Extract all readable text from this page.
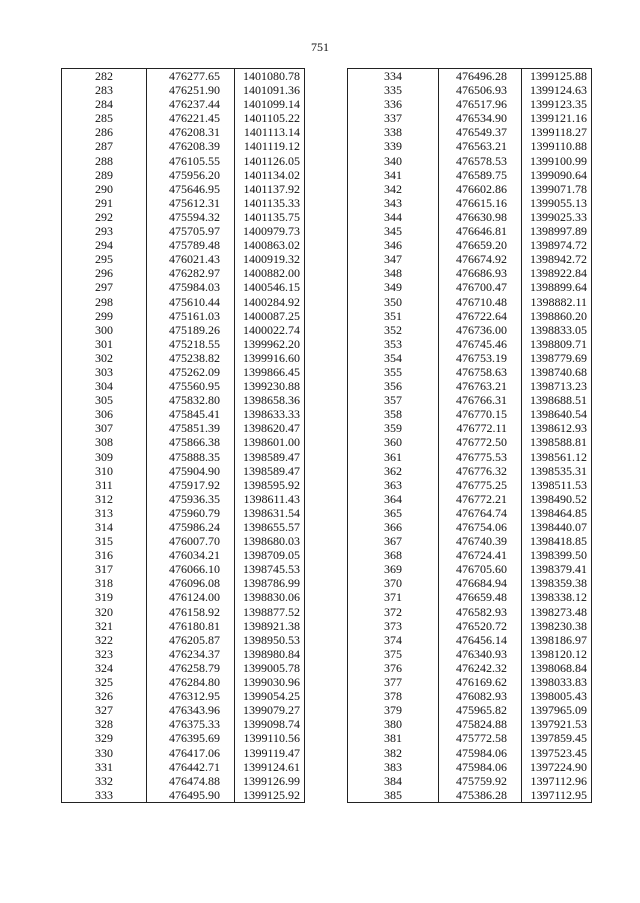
751
282	476277.65	1401080.78
283	476251.90	1401091.36
284	476237.44	1401099.14
285	476221.45	1401105.22
286	476208.31	1401113.14
287	476208.39	1401119.12
288	476105.55	1401126.05
289	475956.20	1401134.02
290	475646.95	1401137.92
291	475612.31	1401135.33
292	475594.32	1401135.75
293	475705.97	1400979.73
294	475789.48	1400863.02
295	476021.43	1400919.32
296	476282.97	1400882.00
297	475984.03	1400546.15
298	475610.44	1400284.92
299	475161.03	1400087.25
300	475189.26	1400022.74
301	475218.55	1399962.20
302	475238.82	1399916.60
303	475262.09	1399866.45
304	475560.95	1399230.88
305	475832.80	1398658.36
306	475845.41	1398633.33
307	475851.39	1398620.47
308	475866.38	1398601.00
309	475888.35	1398589.47
310	475904.90	1398589.47
311	475917.92	1398595.92
312	475936.35	1398611.43
313	475960.79	1398631.54
314	475986.24	1398655.57
315	476007.70	1398680.03
316	476034.21	1398709.05
317	476066.10	1398745.53
318	476096.08	1398786.99
319	476124.00	1398830.06
320	476158.92	1398877.52
321	476180.81	1398921.38
322	476205.87	1398950.53
323	476234.37	1398980.84
324	476258.79	1399005.78
325	476284.80	1399030.96
326	476312.95	1399054.25
327	476343.96	1399079.27
328	476375.33	1399098.74
329	476395.69	1399110.56
330	476417.06	1399119.47
331	476442.71	1399124.61
332	476474.88	1399126.99
333	476495.90	1399125.92
334	476496.28	1399125.88
335	476506.93	1399124.63
336	476517.96	1399123.35
337	476534.90	1399121.16
338	476549.37	1399118.27
339	476563.21	1399110.88
340	476578.53	1399100.99
341	476589.75	1399090.64
342	476602.86	1399071.78
343	476615.16	1399055.13
344	476630.98	1399025.33
345	476646.81	1398997.89
346	476659.20	1398974.72
347	476674.92	1398942.72
348	476686.93	1398922.84
349	476700.47	1398899.64
350	476710.48	1398882.11
351	476722.64	1398860.20
352	476736.00	1398833.05
353	476745.46	1398809.71
354	476753.19	1398779.69
355	476758.63	1398740.68
356	476763.21	1398713.23
357	476766.31	1398688.51
358	476770.15	1398640.54
359	476772.11	1398612.93
360	476772.50	1398588.81
361	476775.53	1398561.12
362	476776.32	1398535.31
363	476775.25	1398511.53
364	476772.21	1398490.52
365	476764.74	1398464.85
366	476754.06	1398440.07
367	476740.39	1398418.85
368	476724.41	1398399.50
369	476705.60	1398379.41
370	476684.94	1398359.38
371	476659.48	1398338.12
372	476582.93	1398273.48
373	476520.72	1398230.38
374	476456.14	1398186.97
375	476340.93	1398120.12
376	476242.32	1398068.84
377	476169.62	1398033.83
378	476082.93	1398005.43
379	475965.82	1397965.09
380	475824.88	1397921.53
381	475772.58	1397859.45
382	475984.06	1397523.45
383	475984.06	1397224.90
384	475759.92	1397112.96
385	475386.28	1397112.95
